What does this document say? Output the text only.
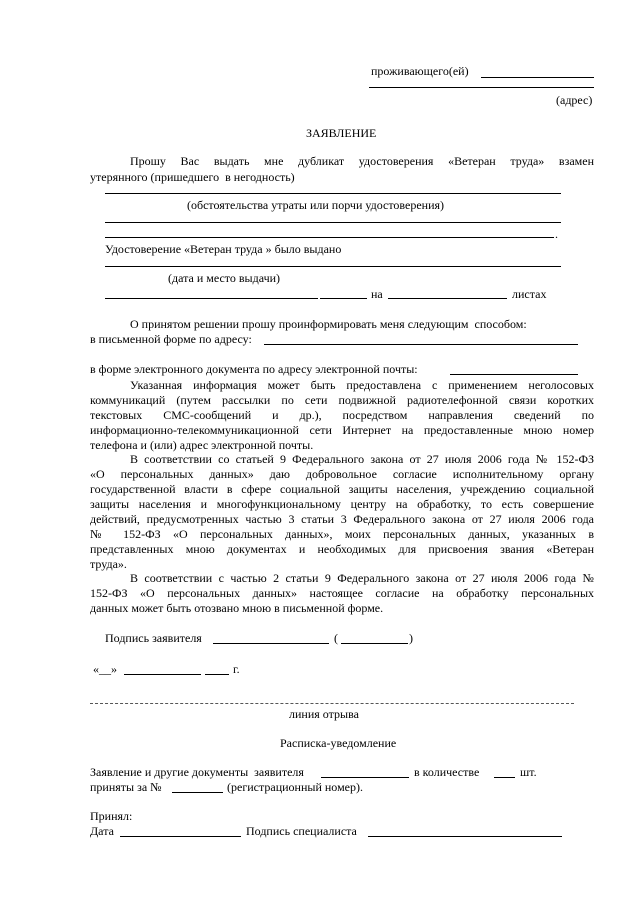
проживающего(ей)
(адрес)
ЗАЯВЛЕНИЕ
Прошу Вас выдать мне дубликат удостоверения «Ветеран труда» взамен
утерянного (пришедшего  в негодность)
(обстоятельства утраты или порчи удостоверения)
.
Удостоверение «Ветеран труда » было выдано
(дата и место выдачи)
на	листах
О принятом решении прошу проинформировать меня следующим  способом:
в письменной форме по адресу:
в форме электронного документа по адресу электронной почты:
Указанная информация может быть предоставлена с применением неголосовых
коммуникаций (путем рассылки по сети подвижной радиотелефонной связи коротких
текстовых СМС-сообщений и др.), посредством направления сведений по
информационно-телекоммуникационной сети Интернет на предоставленные мною номер
телефона и (или) адрес электронной почты.
В соответствии со статьей 9 Федерального закона от 27 июля 2006 года № 152-ФЗ
«О персональных данных» даю добровольное согласие исполнительному органу
государственной власти в сфере социальной защиты населения, учреждению социальной
защиты населения и многофункциональному центру на обработку, то есть совершение
действий, предусмотренных частью 3 статьи 3 Федерального закона от 27 июля 2006 года
№ 152-ФЗ «О персональных данных», моих персональных данных, указанных в
представленных мною документах и необходимых для присвоения звания «Ветеран
труда».
В соответствии с частью 2 статьи 9 Федерального закона от 27 июля 2006 года №
152-ФЗ «О персональных данных» настоящее согласие на обработку персональных
данных может быть отозвано мною в письменной форме.
Подпись заявителя	(	)
«__»	г.
линия отрыва
Расписка-уведомление
Заявление и другие документы  заявителя	в количестве	шт.
приняты за №	(регистрационный номер).
Принял:
Дата	Подпись специалиста
